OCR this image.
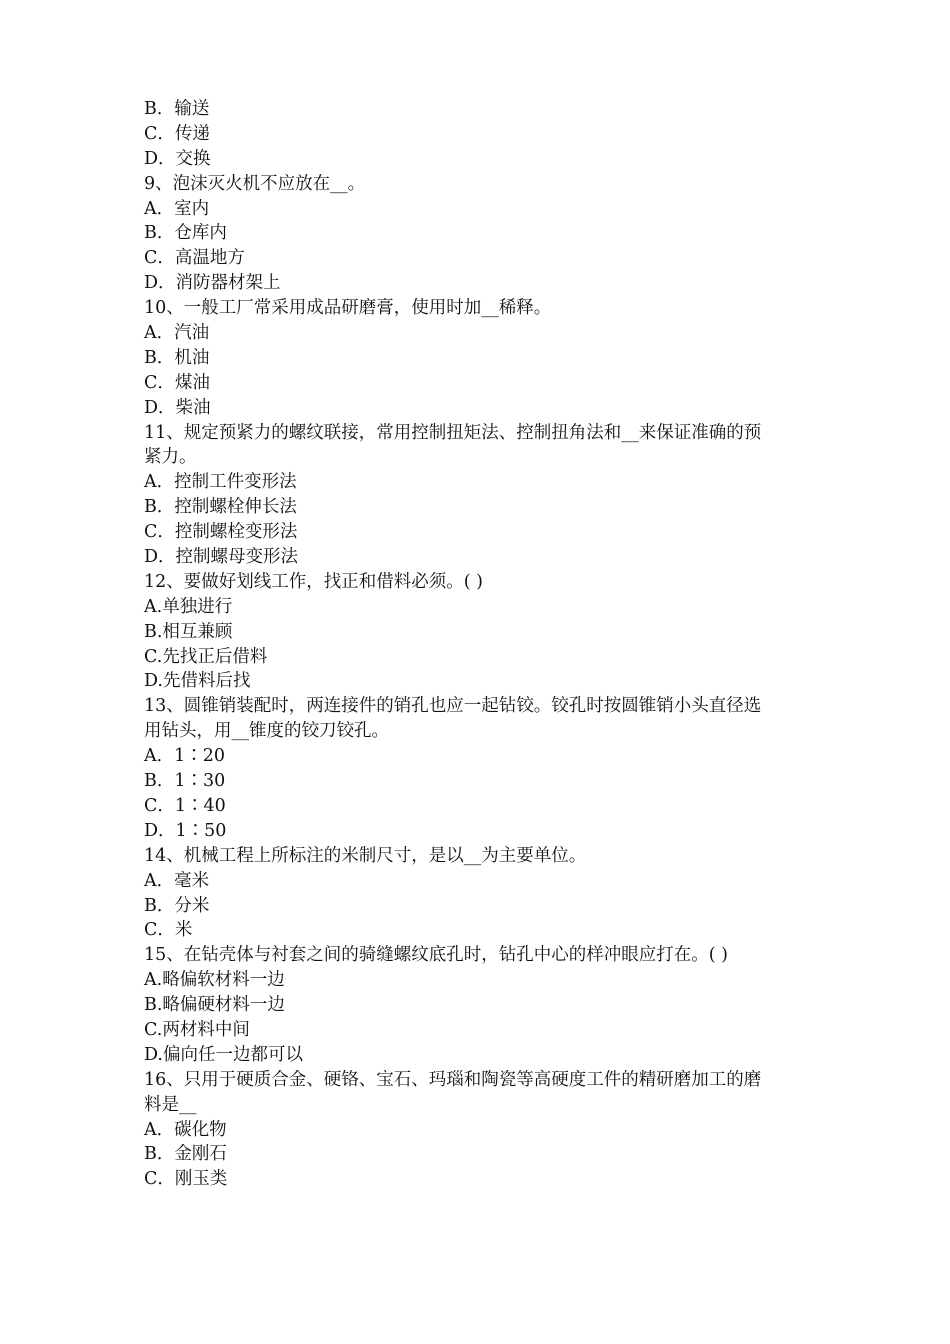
B．输送
C．传递
D．交换
9、泡沫灭火机不应放在__。
A．室内
B．仓库内
C．高温地方
D．消防器材架上
10、一般工厂常采用成品研磨膏，使用时加__稀释。
A．汽油
B．机油
C．煤油
D．柴油
11、规定预紧力的螺纹联接，常用控制扭矩法、控制扭角法和__来保证准确的预
紧力。
A．控制工件变形法
B．控制螺栓伸长法
C．控制螺栓变形法
D．控制螺母变形法
12、要做好划线工作，找正和借料必须。( )
A.单独进行
B.相互兼顾
C.先找正后借料
D.先借料后找
13、圆锥销装配时，两连接件的销孔也应一起钻铰。铰孔时按圆锥销小头直径选
用钻头，用__锥度的铰刀铰孔。
A．1∶20
B．1∶30
C．1∶40
D．1∶50
14、机械工程上所标注的米制尺寸，是以__为主要单位。
A．毫米
B．分米
C．米
15、在钻壳体与衬套之间的骑缝螺纹底孔时，钻孔中心的样冲眼应打在。( )
A.略偏软材料一边
B.略偏硬材料一边
C.两材料中间
D.偏向任一边都可以
16、只用于硬质合金、硬铬、宝石、玛瑙和陶瓷等高硬度工件的精研磨加工的磨
料是__
A．碳化物
B．金刚石
C．刚玉类
